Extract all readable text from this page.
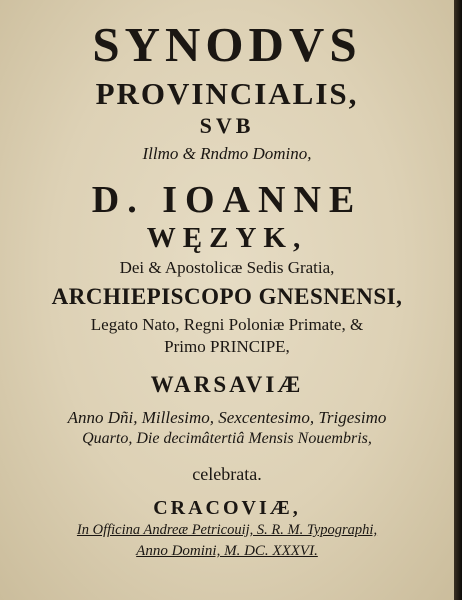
SYNODVS
PROVINCIALIS,
SVB
Illmo & Rndmo Domino,
D. IOANNE
WĘZYK,
Dei & Apostolicæ Sedis Gratia,
ARCHIEPISCOPO GNESNENSI,
Legato Nato, Regni Poloniæ Primate, &
Primo PRINCIPE,
WARSAVIÆ
Anno Dñi, Millesimo, Sexcentesimo, Trigesimo
Quarto, Die decimâtertiâ Mensis Nouembris,
celebrata.
CRACOVIÆ,
In Officina Andreæ Petricouij, S. R. M. Typographi,
Anno Domini, M. DC. XXXVI.
